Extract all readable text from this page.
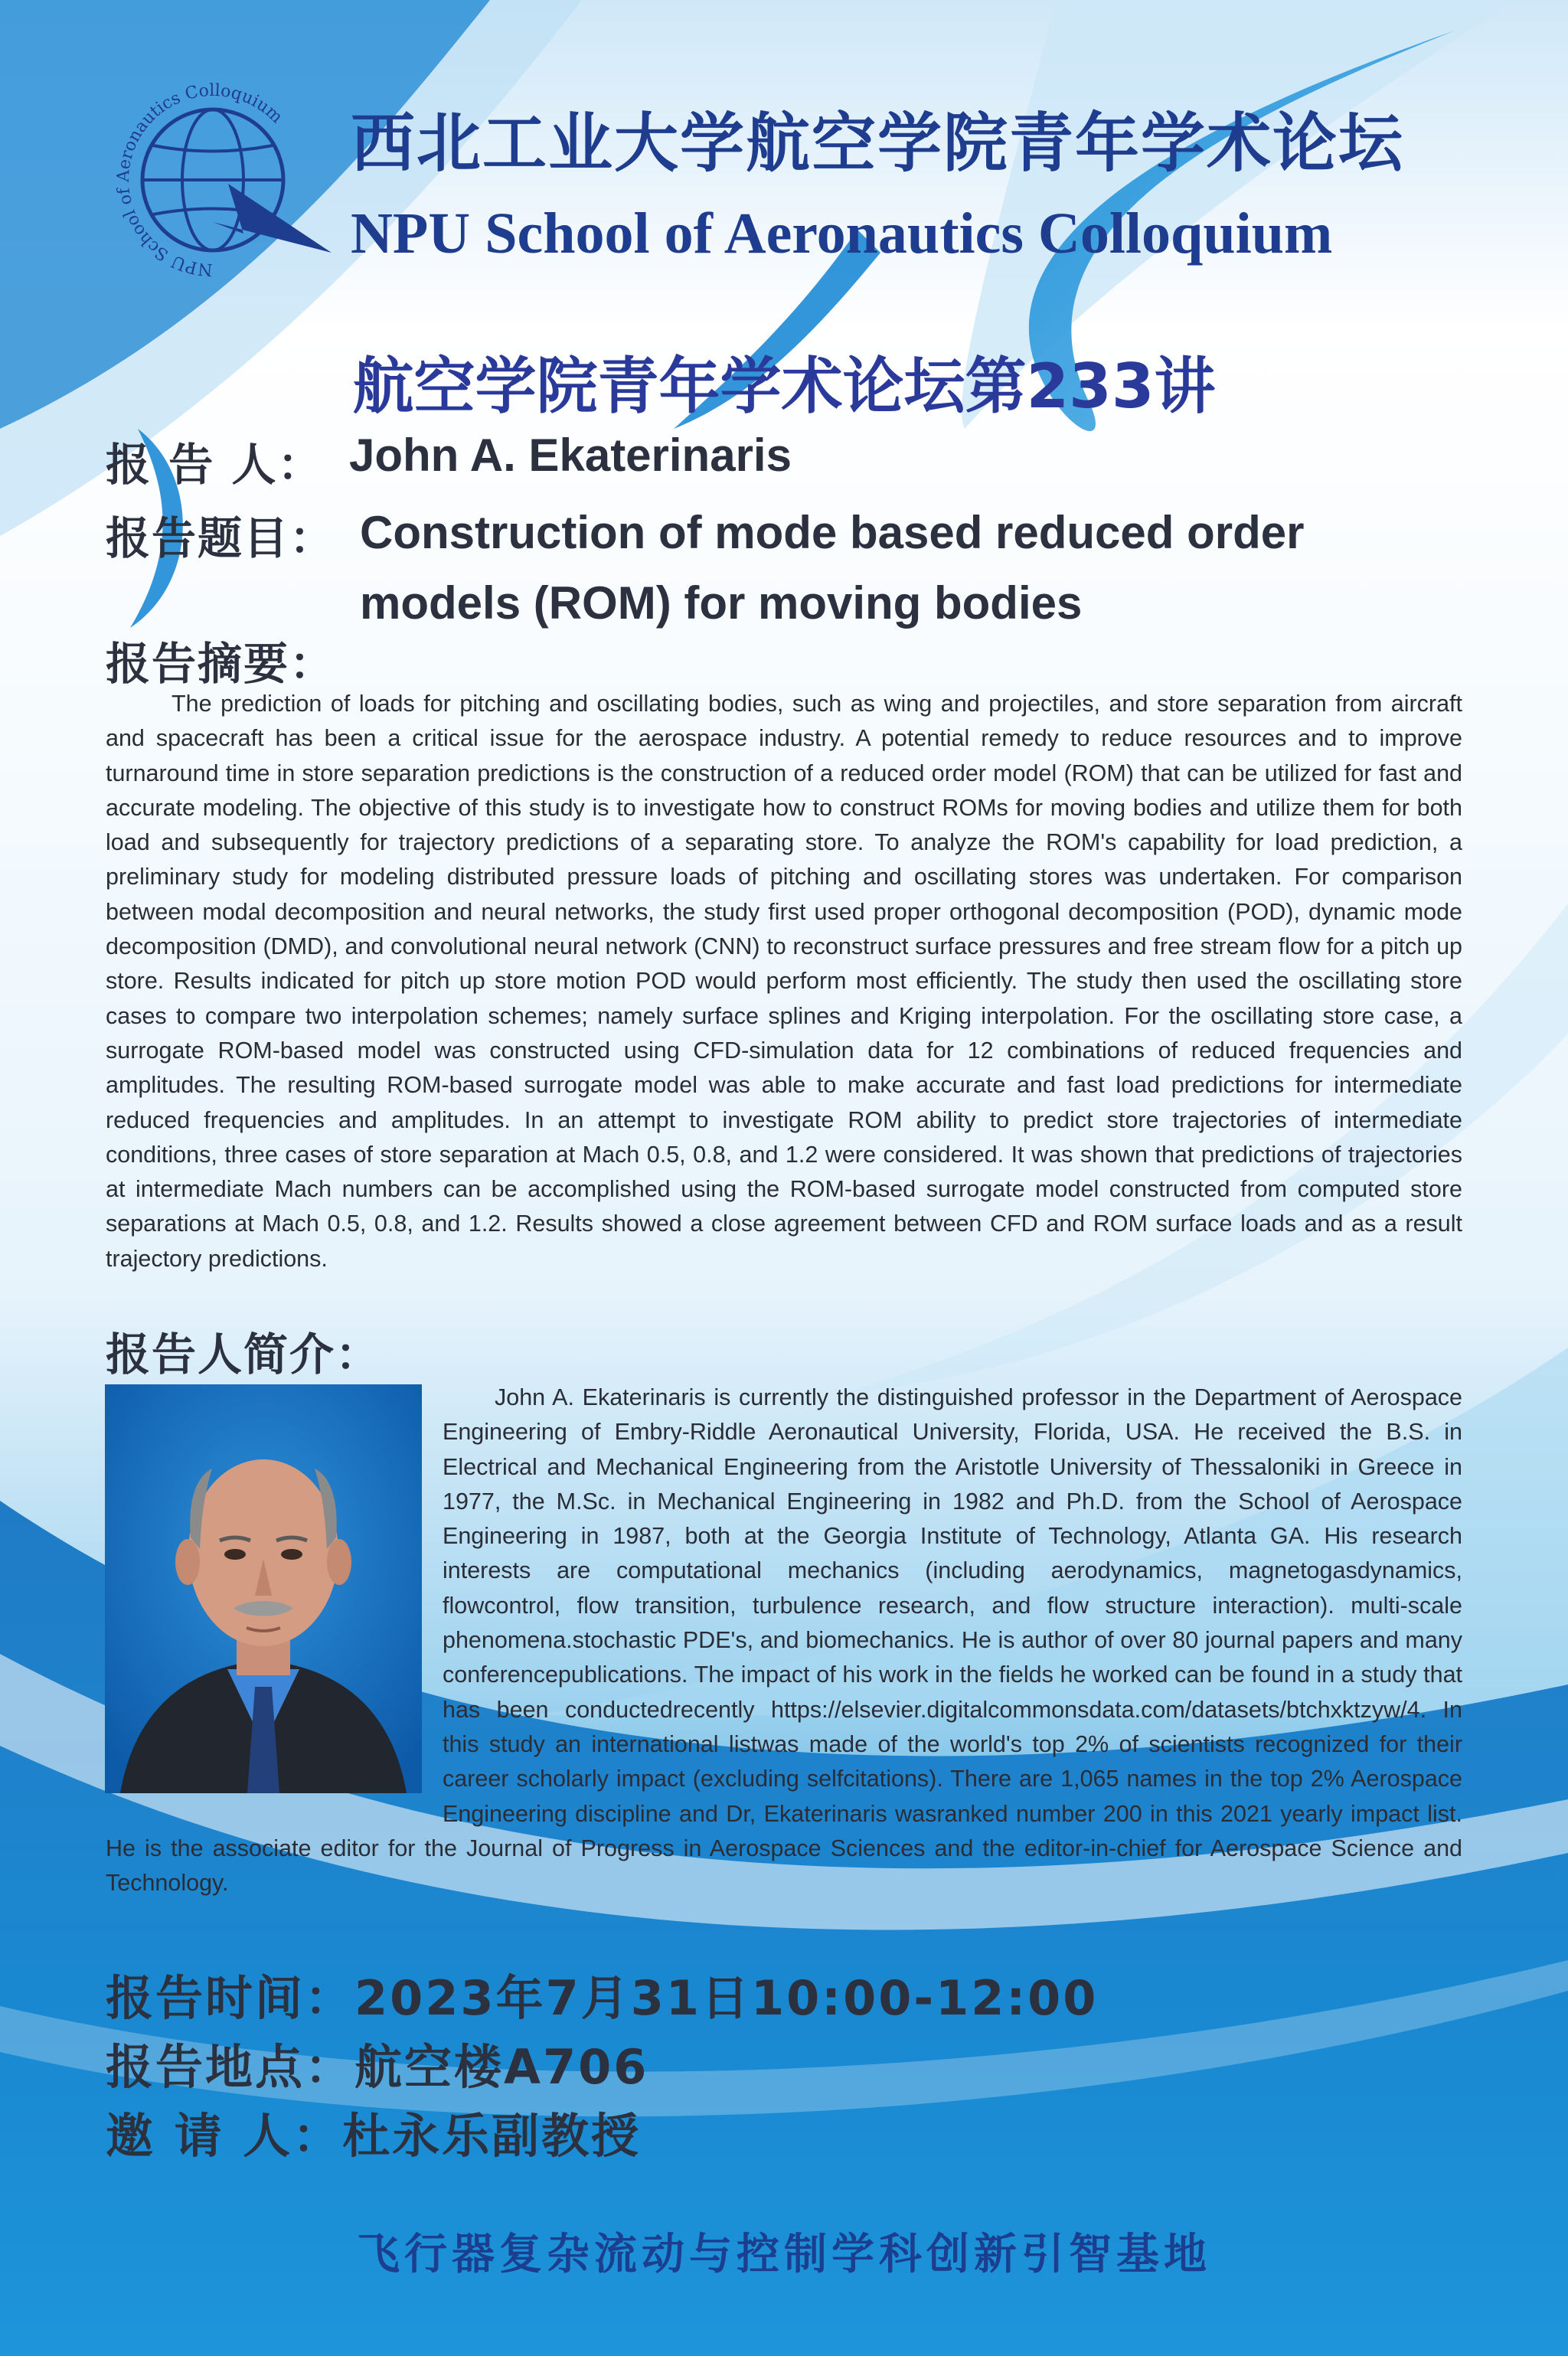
NPU School of Aeronautics Colloquium 西北工业大学航空学院青年学术论坛
NPU School of Aeronautics Colloquium
航空学院青年学术论坛第233讲
报 告 人： John A. Ekaterinaris
报告题目： Construction of mode based reduced order
models (ROM) for moving bodies
报告摘要：
The prediction of loads for pitching and oscillating bodies, such as wing and projectiles, and store separation from aircraft and spacecraft has been a critical issue for the aerospace industry. A potential remedy to reduce resources and to improve turnaround time in store separation predictions is the construction of a reduced order model (ROM) that can be utilized for fast and accurate modeling. The objective of this study is to investigate how to construct ROMs for moving bodies and utilize them for both load and subsequently for trajectory predictions of a separating store. To analyze the ROM's capability for load prediction, a preliminary study for modeling distributed pressure loads of pitching and oscillating stores was undertaken. For comparison between modal decomposition and neural networks, the study first used proper orthogonal decomposition (POD), dynamic mode decomposition (DMD), and convolutional neural network (CNN) to reconstruct surface pressures and free stream flow for a pitch up store. Results indicated for pitch up store motion POD would perform most efficiently. The study then used the oscillating store cases to compare two interpolation schemes; namely surface splines and Kriging interpolation. For the oscillating store case, a surrogate ROM-based model was constructed using CFD-simulation data for 12 combinations of reduced frequencies and amplitudes. The resulting ROM-based surrogate model was able to make accurate and fast load predictions for intermediate reduced frequencies and amplitudes. In an attempt to investigate ROM ability to predict store trajectories of intermediate conditions, three cases of store separation at Mach 0.5, 0.8, and 1.2 were considered. It was shown that predictions of trajectories at intermediate Mach numbers can be accomplished using the ROM-based surrogate model constructed from computed store separations at Mach 0.5, 0.8, and 1.2. Results showed a close agreement between CFD and ROM surface loads and as a result trajectory predictions.
报告人简介：

John A. Ekaterinaris is currently the distinguished professor in the Department of Aerospace Engineering of Embry-Riddle Aeronautical University, Florida, USA. He received the B.S. in Electrical and Mechanical Engineering from the Aristotle University of Thessaloniki in Greece in 1977, the M.Sc. in Mechanical Engineering in 1982 and Ph.D. from the School of Aerospace Engineering in 1987, both at the Georgia Institute of Technology, Atlanta GA. His research interests are computational mechanics (including aerodynamics, magnetogasdynamics, flowcontrol, flow transition, turbulence research, and flow structure interaction). multi-scale phenomena.stochastic PDE's, and biomechanics. He is author of over 80 journal papers and many conferencepublications. The impact of his work in the fields he worked can be found in a study that has been conductedrecently https://elsevier.digitalcommonsdata.com/datasets/btchxktzyw/4. In this study an international listwas made of the world's top 2% of scientists recognized for their career scholarly impact (excluding selfcitations). There are 1,065 names in the top 2% Aerospace Engineering discipline and Dr, Ekaterinaris wasranked number 200 in this 2021 yearly impact list. He is the associate editor for the Journal of Progress in Aerospace Sciences and the editor-in-chief for Aerospace Science and Technology.

报告时间：2023年7月31日10:00-12:00
报告地点：航空楼A706
邀 请 人：杜永乐副教授
飞行器复杂流动与控制学科创新引智基地
